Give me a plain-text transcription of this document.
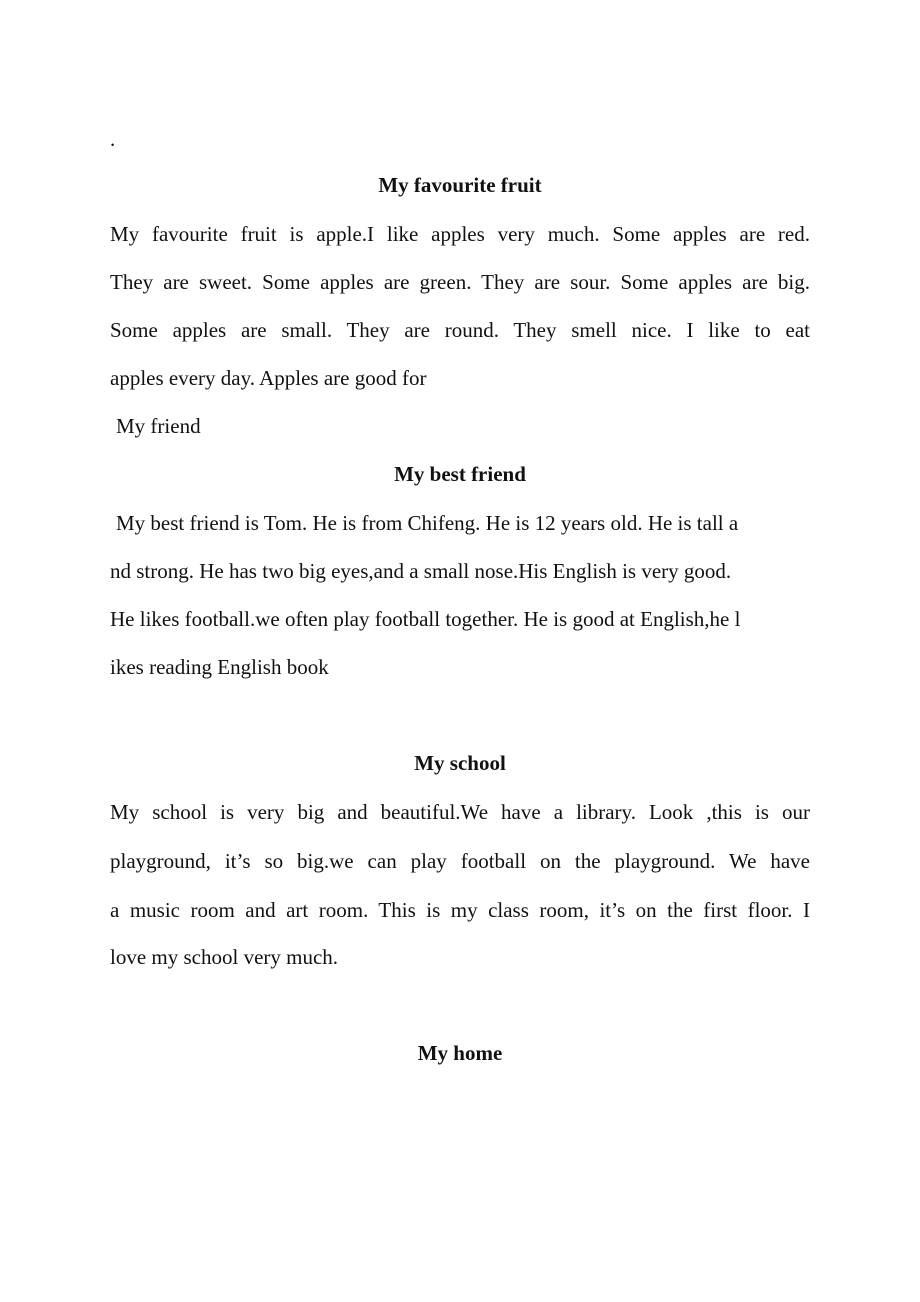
.
My favourite fruit
My favourite fruit is apple.I like apples very much. Some apples are red.
They are sweet. Some apples are green. They are sour. Some apples are big.
Some apples are small. They are round. They smell nice. I like to eat
apples every day. Apples are good for
My friend
My best friend
My best friend is Tom. He is from Chifeng. He is 12 years old. He is tall a
nd strong. He has two big eyes,and a small nose.His English is very good.
He likes football.we often play football together. He is good at English,he l
ikes reading English book
My school
My school is very big and beautiful.We have a library. Look ,this is our
playground, it’s so big.we can play football on the playground. We have
a music room and art room. This is my class room, it’s on the first floor. I
love my school very much.
My home
